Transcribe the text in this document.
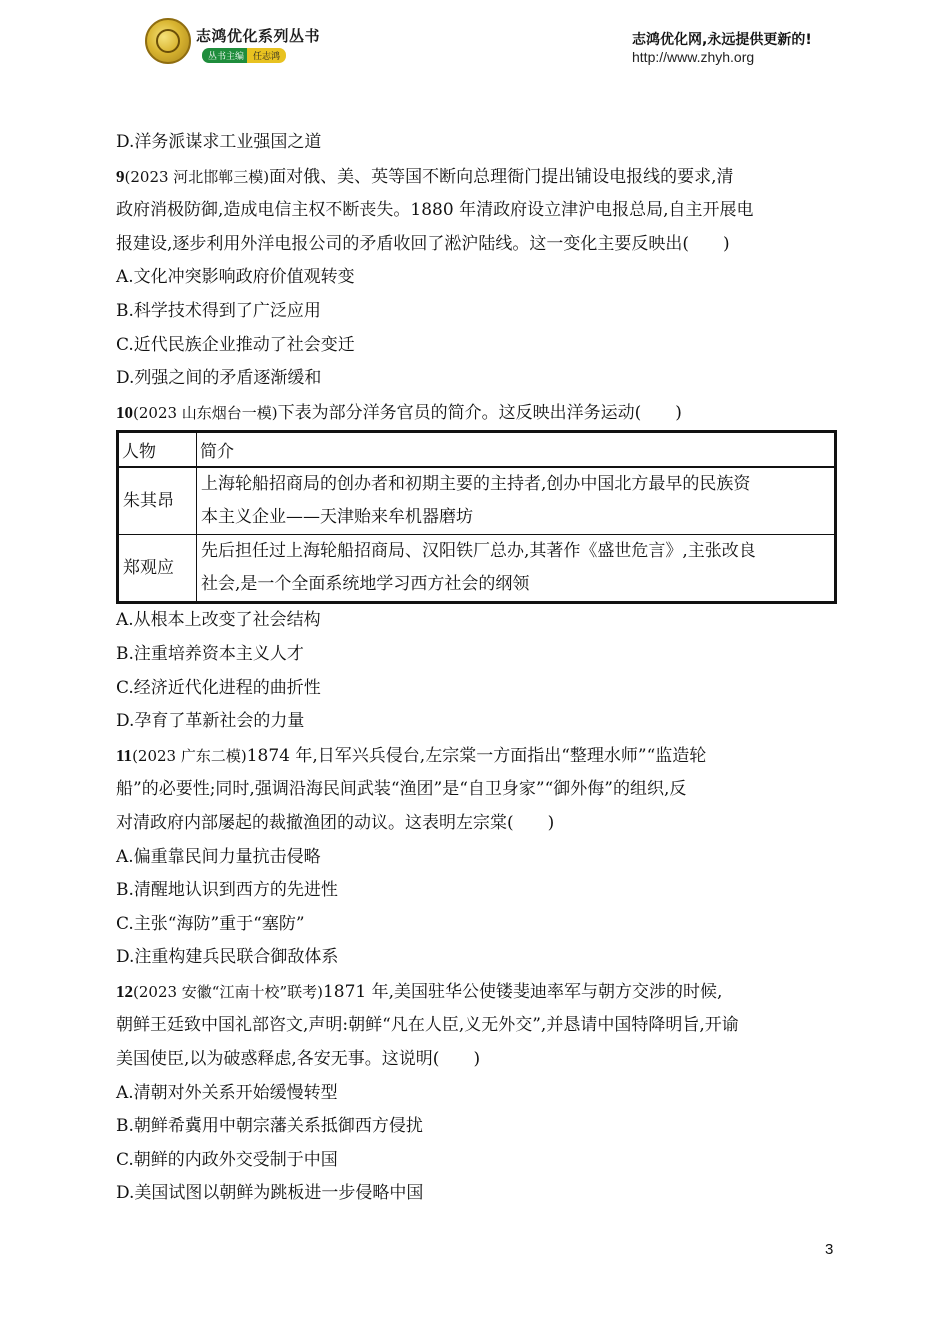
志鸿优化系列丛书
丛书主编 任志鸿
志鸿优化网,永远提供更新的!
http://www.zhyh.org
D.洋务派谋求工业强国之道
9(2023 河北邯郸三模)面对俄、美、英等国不断向总理衙门提出铺设电报线的要求,清
政府消极防御,造成电信主权不断丧失。1880 年清政府设立津沪电报总局,自主开展电
报建设,逐步利用外洋电报公司的矛盾收回了淞沪陆线。这一变化主要反映出( )
A.文化冲突影响政府价值观转变
B.科学技术得到了广泛应用
C.近代民族企业推动了社会变迁
D.列强之间的矛盾逐渐缓和
10(2023 山东烟台一模)下表为部分洋务官员的简介。这反映出洋务运动( )
人物	简介
朱其昂	上海轮船招商局的创办者和初期主要的主持者,创办中国北方最早的民族资
本主义企业——天津贻来牟机器磨坊

郑观应	先后担任过上海轮船招商局、汉阳铁厂总办,其著作《盛世危言》,主张改良
社会,是一个全面系统地学习西方社会的纲领
A.从根本上改变了社会结构
B.注重培养资本主义人才
C.经济近代化进程的曲折性
D.孕育了革新社会的力量
11(2023 广东二模)1874 年,日军兴兵侵台,左宗棠一方面指出“整理水师”“监造轮
船”的必要性;同时,强调沿海民间武装“渔团”是“自卫身家”“御外侮”的组织,反
对清政府内部屡起的裁撤渔团的动议。这表明左宗棠( )
A.偏重靠民间力量抗击侵略
B.清醒地认识到西方的先进性
C.主张“海防”重于“塞防”
D.注重构建兵民联合御敌体系
12(2023 安徽“江南十校”联考)1871 年,美国驻华公使镂斐迪率军与朝方交涉的时候,
朝鲜王廷致中国礼部咨文,声明:朝鲜“凡在人臣,义无外交”,并恳请中国特降明旨,开谕
美国使臣,以为破惑释虑,各安无事。这说明( )
A.清朝对外关系开始缓慢转型
B.朝鲜希冀用中朝宗藩关系抵御西方侵扰
C.朝鲜的内政外交受制于中国
D.美国试图以朝鲜为跳板进一步侵略中国
3
